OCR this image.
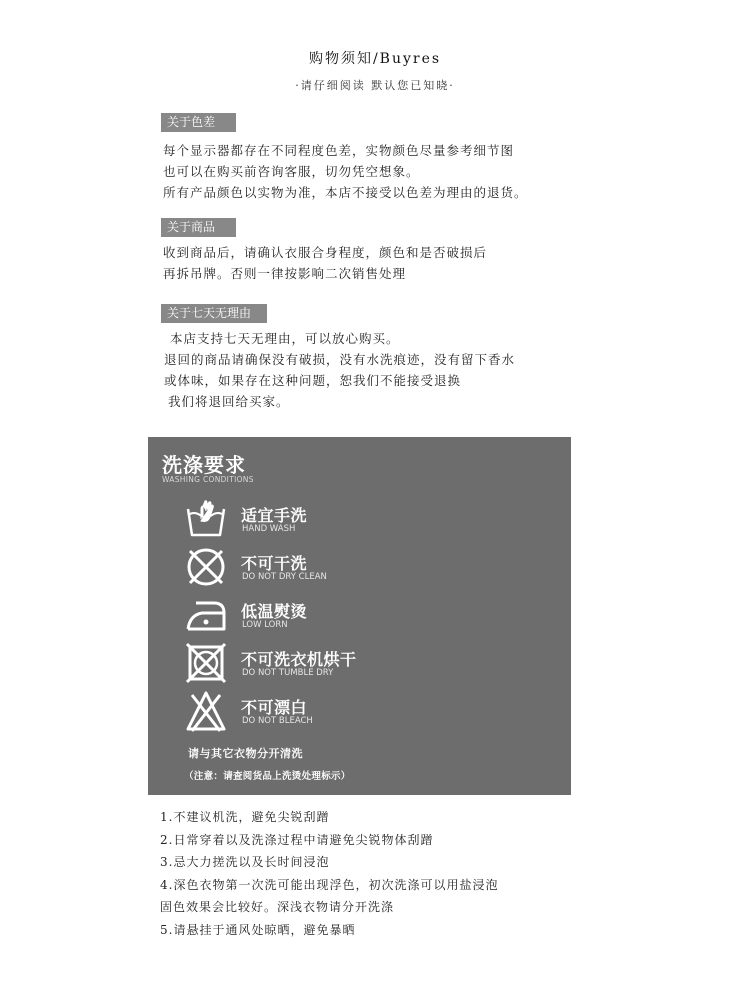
购物须知/Buyres
·请仔细阅读 默认您已知晓·
关于色差
每个显示器都存在不同程度色差，实物颜色尽量参考细节图
也可以在购买前咨询客服，切勿凭空想象。
所有产品颜色以实物为准，本店不接受以色差为理由的退货。
关于商品
收到商品后，请确认衣服合身程度，颜色和是否破损后
再拆吊牌。否则一律按影响二次销售处理
关于七天无理由
本店支持七天无理由，可以放心购买。
退回的商品请确保没有破损，没有水洗痕迹，没有留下香水
或体味，如果存在这种问题，恕我们不能接受退换
我们将退回给买家。
洗涤要求
WASHING CONDITIONS
适宜手洗
HAND WASH
不可干洗
DO NOT DRY CLEAN
低温熨烫
LOW LORN
不可洗衣机烘干
DO NOT TUMBLE DRY
不可漂白
DO NOT BLEACH
请与其它衣物分开清洗
（注意：请查阅货品上洗烫处理标示）
1.不建议机洗，避免尖锐刮蹭
2.日常穿着以及洗涤过程中请避免尖锐物体刮蹭
3.忌大力搓洗以及长时间浸泡
4.深色衣物第一次洗可能出现浮色，初次洗涤可以用盐浸泡
固色效果会比较好。深浅衣物请分开洗涤
5.请悬挂于通风处晾晒，避免暴晒
